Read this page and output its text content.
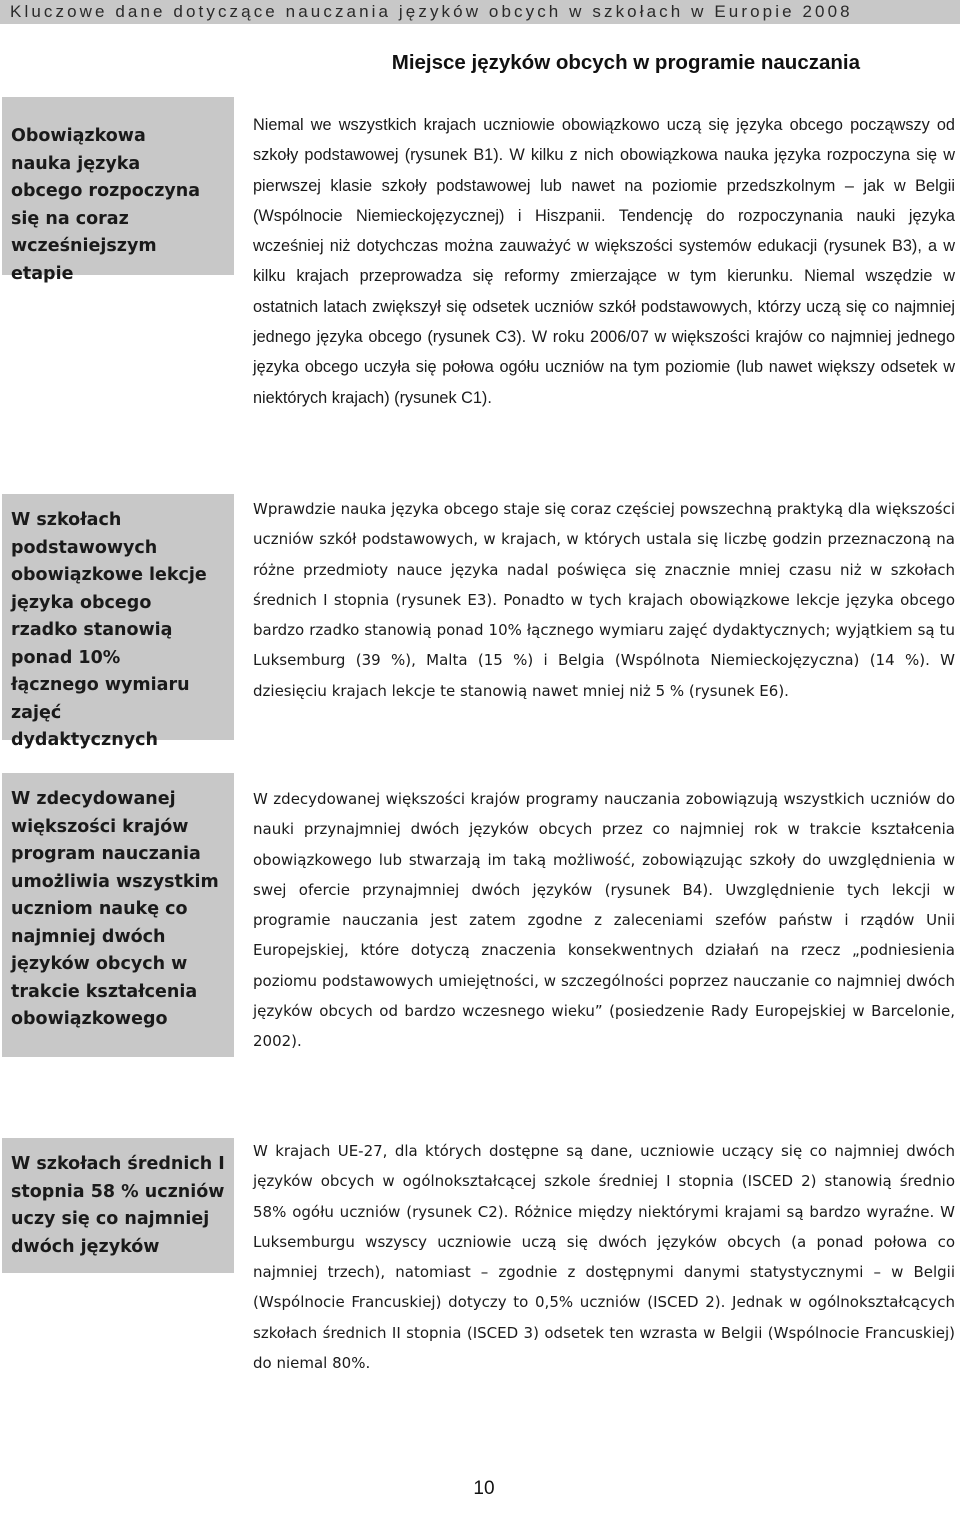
Kluczowe dane dotyczące nauczania języków obcych w szkołach w Europie 2008
Miejsce języków obcych w programie nauczania
Obowiązkowa nauka języka obcego rozpoczyna się na coraz wcześniejszym etapie
Niemal we wszystkich krajach uczniowie obowiązkowo uczą się języka obcego począwszy od szkoły podstawowej (rysunek B1). W kilku z nich obowiązkowa nauka języka rozpoczyna się w pierwszej klasie szkoły podstawowej lub nawet na poziomie przedszkolnym – jak w Belgii (Wspólnocie Niemieckojęzycznej) i Hiszpanii. Tendencję do rozpoczynania nauki języka wcześniej niż dotychczas można zauważyć w większości systemów edukacji (rysunek B3), a w kilku krajach przeprowadza się reformy zmierzające w tym kierunku. Niemal wszędzie w ostatnich latach zwiększył się odsetek uczniów szkół podstawowych, którzy uczą się co najmniej jednego języka obcego (rysunek C3). W roku 2006/07 w większości krajów co najmniej jednego języka obcego uczyła się połowa ogółu uczniów na tym poziomie (lub nawet większy odsetek w niektórych krajach) (rysunek C1).
W szkołach podstawowych obowiązkowe lekcje języka obcego rzadko stanowią ponad 10% łącznego wymiaru zajęć dydaktycznych
Wprawdzie nauka języka obcego staje się coraz częściej powszechną praktyką dla większości uczniów szkół podstawowych, w krajach, w których ustala się liczbę godzin przeznaczoną na różne przedmioty nauce języka nadal poświęca się znacznie mniej czasu niż w szkołach średnich I stopnia (rysunek E3). Ponadto w tych krajach obowiązkowe lekcje języka obcego bardzo rzadko stanowią ponad 10% łącznego wymiaru zajęć dydaktycznych; wyjątkiem są tu Luksemburg (39 %), Malta (15 %) i Belgia (Wspólnota Niemieckojęzyczna) (14 %). W dziesięciu krajach lekcje te stanowią nawet mniej niż 5 % (rysunek E6).
W zdecydowanej większości krajów program nauczania umożliwia wszystkim uczniom naukę co najmniej dwóch języków obcych w trakcie kształcenia obowiązkowego
W zdecydowanej większości krajów programy nauczania zobowiązują wszystkich uczniów do nauki przynajmniej dwóch języków obcych przez co najmniej rok w trakcie kształcenia obowiązkowego lub stwarzają im taką możliwość, zobowiązując szkoły do uwzględnienia w swej ofercie przynajmniej dwóch języków (rysunek B4). Uwzględnienie tych lekcji w programie nauczania jest zatem zgodne z zaleceniami szefów państw i rządów Unii Europejskiej, które dotyczą znaczenia konsekwentnych działań na rzecz „podniesienia poziomu podstawowych umiejętności, w szczególności poprzez nauczanie co najmniej dwóch języków obcych od bardzo wczesnego wieku” (posiedzenie Rady Europejskiej w Barcelonie, 2002).
W szkołach średnich I stopnia 58 % uczniów uczy się co najmniej dwóch języków
W krajach UE-27, dla których dostępne są dane, uczniowie uczący się co najmniej dwóch języków obcych w ogólnokształcącej szkole średniej I stopnia (ISCED 2) stanowią średnio 58% ogółu uczniów (rysunek C2). Różnice między niektórymi krajami są bardzo wyraźne. W Luksemburgu wszyscy uczniowie uczą się dwóch języków obcych (a ponad połowa co najmniej trzech), natomiast – zgodnie z dostępnymi danymi statystycznymi – w Belgii (Wspólnocie Francuskiej) dotyczy to 0,5% uczniów (ISCED 2). Jednak w ogólnokształcących szkołach średnich II stopnia (ISCED 3) odsetek ten wzrasta w Belgii (Wspólnocie Francuskiej) do niemal 80%.
10
